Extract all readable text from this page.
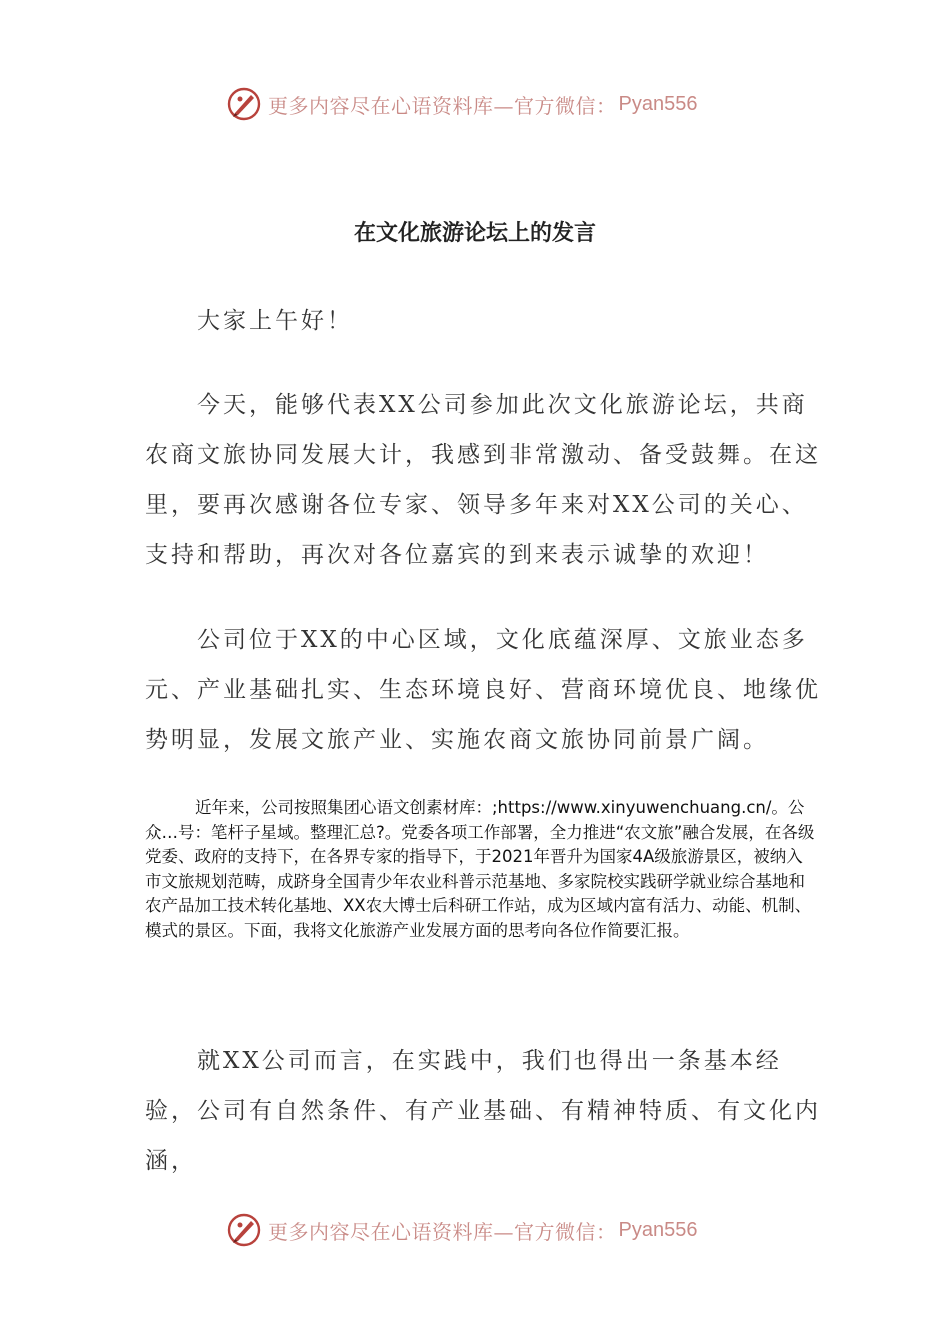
更多内容尽在心语资料库—官方微信： Pyan556
在文化旅游论坛上的发言
大家上午好！
今天，能够代表XX公司参加此次文化旅游论坛，共商农商文旅协同发展大计，我感到非常激动、备受鼓舞。在这里，要再次感谢各位专家、领导多年来对XX公司的关心、支持和帮助，再次对各位嘉宾的到来表示诚挚的欢迎！
公司位于XX的中心区域，文化底蕴深厚、文旅业态多元、产业基础扎实、生态环境良好、营商环境优良、地缘优势明显，发展文旅产业、实施农商文旅协同前景广阔。
近年来，公司按照集团心语文创素材库：;https://www.xinyuwenchuang.cn/。公众…号：笔杆子星域。整理汇总?。党委各项工作部署，全力推进“农文旅”融合发展，在各级党委、政府的支持下，在各界专家的指导下，于2021年晋升为国家4A级旅游景区，被纳入市文旅规划范畴，成跻身全国青少年农业科普示范基地、多家院校实践研学就业综合基地和农产品加工技术转化基地、XX农大博士后科研工作站，成为区域内富有活力、动能、机制、模式的景区。下面，我将文化旅游产业发展方面的思考向各位作简要汇报。
就XX公司而言，在实践中，我们也得出一条基本经验，公司有自然条件、有产业基础、有精神特质、有文化内涵，
更多内容尽在心语资料库—官方微信： Pyan556
